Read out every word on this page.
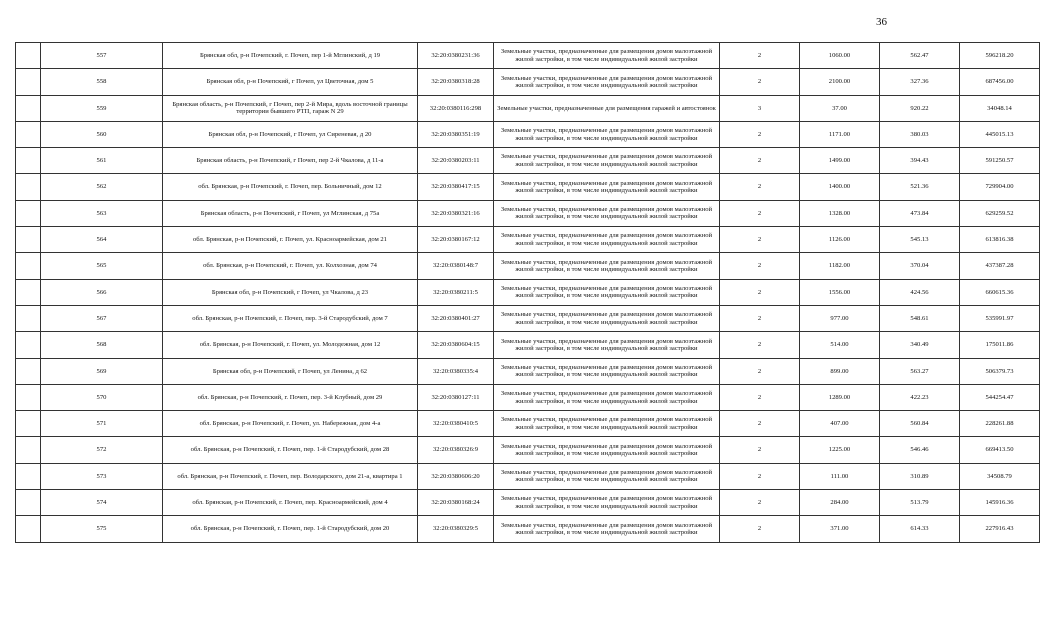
36
	557	Брянская обл, р-н Почепский, г. Почеп, пер 1-й Мглинский, д 19	32:20:0380231:36	Земельные участки, предназначенные для размещения домов малоэтажной жилой застройки, в том числе индивидуальной жилой застройки	2	1060.00	562.47	596218.20
	558	Брянская обл, р-н Почепский, г Почеп, ул Цветочная, дом 5	32:20:0380318:28	Земельные участки, предназначенные для размещения домов малоэтажной жилой застройки, в том числе индивидуальной жилой застройки	2	2100.00	327.36	687456.00
	559	Брянская область, р-н Почепский, г Почеп, пер 2-й Мира, вдоль восточной границы территории бывшего РТП, гараж N 29	32:20:0380116:298	Земельные участки, предназначенные для размещения гаражей и автостоянок	3	37.00	920.22	34048.14
	560	Брянская обл, р-н Почепский, г Почеп, ул Сиреневая, д 20	32:20:0380351:19	Земельные участки, предназначенные для размещения домов малоэтажной жилой застройки, в том числе индивидуальной жилой застройки	2	1171.00	380.03	445015.13
	561	Брянская область, р-н Почепский, г Почеп, пер 2-й Чкалова, д 11-а	32:20:0380203:11	Земельные участки, предназначенные для размещения домов малоэтажной жилой застройки, в том числе индивидуальной жилой застройки	2	1499.00	394.43	591250.57
	562	обл. Брянская, р-н Почепский, г. Почеп, пер. Больничный, дом 12	32:20:0380417:15	Земельные участки, предназначенные для размещения домов малоэтажной жилой застройки, в том числе индивидуальной жилой застройки	2	1400.00	521.36	729904.00
	563	Брянская область, р-н Почепский, г Почеп, ул Мглинская, д 75а	32:20:0380321:16	Земельные участки, предназначенные для размещения домов малоэтажной жилой застройки, в том числе индивидуальной жилой застройки	2	1328.00	473.84	629259.52
	564	обл. Брянская, р-н Почепский, г. Почеп, ул. Красноармейская, дом 21	32:20:0380167:12	Земельные участки, предназначенные для размещения домов малоэтажной жилой застройки, в том числе индивидуальной жилой застройки	2	1126.00	545.13	613816.38
	565	обл. Брянская, р-н Почепский, г. Почеп, ул. Колхозная, дом 74	32:20:0380148:7	Земельные участки, предназначенные для размещения домов малоэтажной жилой застройки, в том числе индивидуальной жилой застройки	2	1182.00	370.04	437387.28
	566	Брянская обл, р-н Почепский, г Почеп, ул Чкалова, д 23	32:20:0380211:5	Земельные участки, предназначенные для размещения домов малоэтажной жилой застройки, в том числе индивидуальной жилой застройки	2	1556.00	424.56	660615.36
	567	обл. Брянская, р-н Почепский, г. Почеп, пер. 3-й Стародубский, дом 7	32:20:0380401:27	Земельные участки, предназначенные для размещения домов малоэтажной жилой застройки, в том числе индивидуальной жилой застройки	2	977.00	548.61	535991.97
	568	обл. Брянская, р-н Почепский, г. Почеп, ул. Молодежная, дом 12	32:20:0380604:15	Земельные участки, предназначенные для размещения домов малоэтажной жилой застройки, в том числе индивидуальной жилой застройки	2	514.00	340.49	175011.86
	569	Брянская обл, р-н Почепский, г Почеп, ул Ленина, д 62	32:20:0380335:4	Земельные участки, предназначенные для размещения домов малоэтажной жилой застройки, в том числе индивидуальной жилой застройки	2	899.00	563.27	506379.73
	570	обл. Брянская, р-н Почепский, г. Почеп, пер. 3-й Клубный, дом 29	32:20:0380127:11	Земельные участки, предназначенные для размещения домов малоэтажной жилой застройки, в том числе индивидуальной жилой застройки	2	1289.00	422.23	544254.47
	571	обл. Брянская, р-н Почепский, г. Почеп, ул. Набережная, дом 4-а	32:20:0380410:5	Земельные участки, предназначенные для размещения домов малоэтажной жилой застройки, в том числе индивидуальной жилой застройки	2	407.00	560.84	228261.88
	572	обл. Брянская, р-н Почепский, г. Почеп, пер. 1-й Стародубский, дом 28	32:20:0380326:9	Земельные участки, предназначенные для размещения домов малоэтажной жилой застройки, в том числе индивидуальной жилой застройки	2	1225.00	546.46	669413.50
	573	обл. Брянская, р-н Почепский, г. Почеп, пер. Володарского, дом 21-а, квартира 1	32:20:0380606:20	Земельные участки, предназначенные для размещения домов малоэтажной жилой застройки, в том числе индивидуальной жилой застройки	2	111.00	310.89	34508.79
	574	обл. Брянская, р-н Почепский, г. Почеп, пер. Красноармейский, дом 4	32:20:0380168:24	Земельные участки, предназначенные для размещения домов малоэтажной жилой застройки, в том числе индивидуальной жилой застройки	2	284.00	513.79	145916.36
	575	обл. Брянская, р-н Почепский, г. Почеп, пер. 1-й Стародубский, дом 20	32:20:0380329:5	Земельные участки, предназначенные для размещения домов малоэтажной жилой застройки, в том числе индивидуальной жилой застройки	2	371.00	614.33	227916.43
